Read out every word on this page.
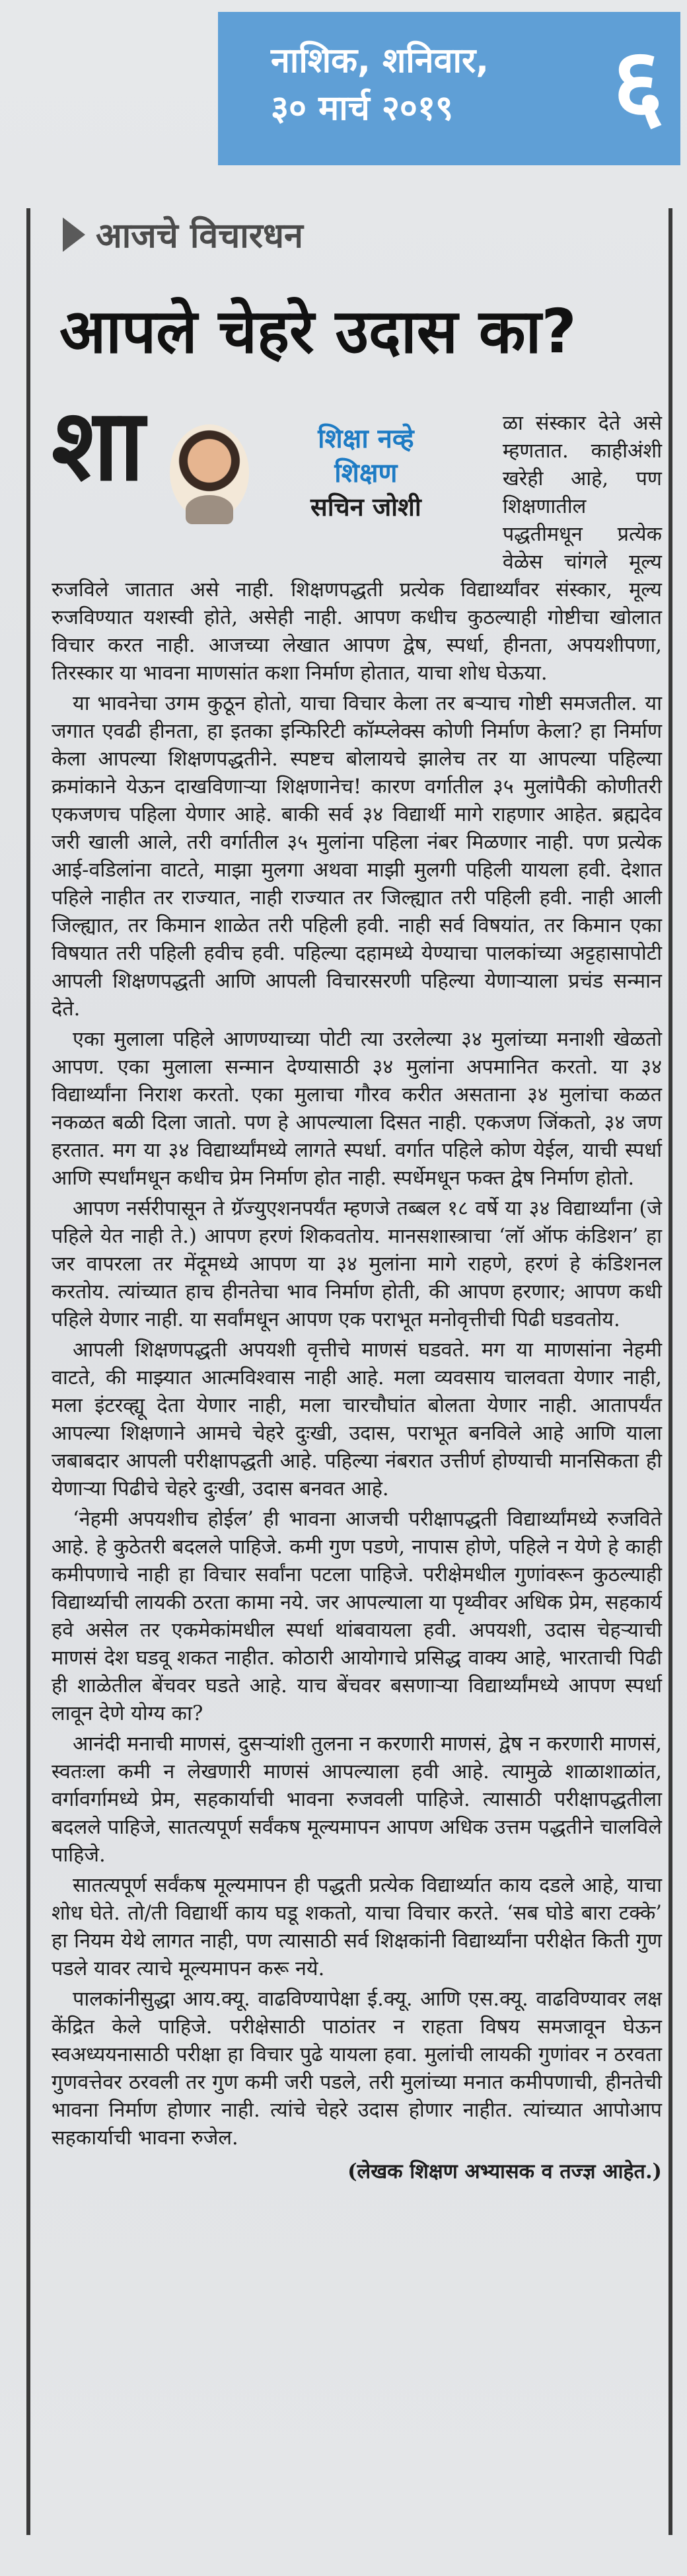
नाशिक, शनिवार,
३० मार्च २०१९	६
आजचे विचारधन
आपले चेहरे उदास का?

शा	शिक्षा नव्हे
शिक्षण
सचिन जोशी
ळा संस्कार देते असे म्हणतात. काहीअंशी खरेही आहे, पण शिक्षणातील पद्धतीमधून प्रत्येक वेळेस चांगले मूल्य रुजविले जातात असे नाही. शिक्षणपद्धती प्रत्येक विद्यार्थ्यांवर संस्कार, मूल्य रुजविण्यात यशस्वी होते, असेही नाही. आपण कधीच कुठल्याही गोष्टीचा खोलात विचार करत नाही. आजच्या लेखात आपण द्वेष, स्पर्धा, हीनता, अपयशीपणा, तिरस्कार या भावना माणसांत कशा निर्माण होतात, याचा शोध घेऊया.

या भावनेचा उगम कुठून होतो, याचा विचार केला तर बऱ्याच गोष्टी समजतील. या जगात एवढी हीनता, हा इतका इन्फिरिटी कॉम्प्लेक्स कोणी निर्माण केला? हा निर्माण केला आपल्या शिक्षणपद्धतीने. स्पष्टच बोलायचे झालेच तर या आपल्या पहिल्या क्रमांकाने येऊन दाखविणाऱ्या शिक्षणानेच! कारण वर्गातील ३५ मुलांपैकी कोणीतरी एकजणच पहिला येणार आहे. बाकी सर्व ३४ विद्यार्थी मागे राहणार आहेत. ब्रह्मदेव जरी खाली आले, तरी वर्गातील ३५ मुलांना पहिला नंबर मिळणार नाही. पण प्रत्येक आई-वडिलांना वाटते, माझा मुलगा अथवा माझी मुलगी पहिली यायला हवी. देशात पहिले नाहीत तर राज्यात, नाही राज्यात तर जिल्ह्यात तरी पहिली हवी. नाही आली जिल्ह्यात, तर किमान शाळेत तरी पहिली हवी. नाही सर्व विषयांत, तर किमान एका विषयात तरी पहिली हवीच हवी. पहिल्या दहामध्ये येण्याचा पालकांच्या अट्टहासापोटी आपली शिक्षणपद्धती आणि आपली विचारसरणी पहिल्या येणाऱ्याला प्रचंड सन्मान देते.

एका मुलाला पहिले आणण्याच्या पोटी त्या उरलेल्या ३४ मुलांच्या मनाशी खेळतो आपण. एका मुलाला सन्मान देण्यासाठी ३४ मुलांना अपमानित करतो. या ३४ विद्यार्थ्यांना निराश करतो. एका मुलाचा गौरव करीत असताना ३४ मुलांचा कळत नकळत बळी दिला जातो. पण हे आपल्याला दिसत नाही. एकजण जिंकतो, ३४ जण हरतात. मग या ३४ विद्यार्थ्यांमध्ये लागते स्पर्धा. वर्गात पहिले कोण येईल, याची स्पर्धा आणि स्पर्धांमधून कधीच प्रेम निर्माण होत नाही. स्पर्धेमधून फक्त द्वेष निर्माण होतो.

आपण नर्सरीपासून ते ग्रॅज्युएशनपर्यंत म्हणजे तब्बल १८ वर्षे या ३४ विद्यार्थ्यांना (जे पहिले येत नाही ते.) आपण हरणं शिकवतोय. मानसशास्त्राचा ‘लॉ ऑफ कंडिशन’ हा जर वापरला तर मेंदूमध्ये आपण या ३४ मुलांना मागे राहणे, हरणं हे कंडिशनल करतोय. त्यांच्यात हाच हीनतेचा भाव निर्माण होती, की आपण हरणार; आपण कधी पहिले येणार नाही. या सर्वांमधून आपण एक पराभूत मनोवृत्तीची पिढी घडवतोय.

आपली शिक्षणपद्धती अपयशी वृत्तीचे माणसं घडवते. मग या माणसांना नेहमी वाटते, की माझ्यात आत्मविश्वास नाही आहे. मला व्यवसाय चालवता येणार नाही, मला इंटरव्ह्यू देता येणार नाही, मला चारचौघांत बोलता येणार नाही. आतापर्यंत आपल्या शिक्षणाने आमचे चेहरे दुःखी, उदास, पराभूत बनविले आहे आणि याला जबाबदार आपली परीक्षापद्धती आहे. पहिल्या नंबरात उत्तीर्ण होण्याची मानसिकता ही येणाऱ्या पिढीचे चेहरे दुःखी, उदास बनवत आहे.

‘नेहमी अपयशीच होईल’ ही भावना आजची परीक्षापद्धती विद्यार्थ्यांमध्ये रुजविते आहे. हे कुठेतरी बदलले पाहिजे. कमी गुण पडणे, नापास होणे, पहिले न येणे हे काही कमीपणाचे नाही हा विचार सर्वांना पटला पाहिजे. परीक्षेमधील गुणांवरून कुठल्याही विद्यार्थ्याची लायकी ठरता कामा नये. जर आपल्याला या पृथ्वीवर अधिक प्रेम, सहकार्य हवे असेल तर एकमेकांमधील स्पर्धा थांबवायला हवी. अपयशी, उदास चेहऱ्याची माणसं देश घडवू शकत नाहीत. कोठारी आयोगाचे प्रसिद्ध वाक्य आहे, भारताची पिढी ही शाळेतील बेंचवर घडते आहे. याच बेंचवर बसणाऱ्या विद्यार्थ्यांमध्ये आपण स्पर्धा लावून देणे योग्य का?

आनंदी मनाची माणसं, दुसऱ्यांशी तुलना न करणारी माणसं, द्वेष न करणारी माणसं, स्वतःला कमी न लेखणारी माणसं आपल्याला हवी आहे. त्यामुळे शाळाशाळांत, वर्गावर्गामध्ये प्रेम, सहकार्याची भावना रुजवली पाहिजे. त्यासाठी परीक्षापद्धतीला बदलले पाहिजे, सातत्यपूर्ण सर्वंकष मूल्यमापन आपण अधिक उत्तम पद्धतीने चालविले पाहिजे.

सातत्यपूर्ण सर्वंकष मूल्यमापन ही पद्धती प्रत्येक विद्यार्थ्यात काय दडले आहे, याचा शोध घेते. तो/ती विद्यार्थी काय घडू शकतो, याचा विचार करते. ‘सब घोडे बारा टक्के’ हा नियम येथे लागत नाही, पण त्यासाठी सर्व शिक्षकांनी विद्यार्थ्यांना परीक्षेत किती गुण पडले यावर त्याचे मूल्यमापन करू नये.

पालकांनीसुद्धा आय.क्यू. वाढविण्यापेक्षा ई.क्यू. आणि एस.क्यू. वाढविण्यावर लक्ष केंद्रित केले पाहिजे. परीक्षेसाठी पाठांतर न राहता विषय समजावून घेऊन स्वअध्ययनासाठी परीक्षा हा विचार पुढे यायला हवा. मुलांची लायकी गुणांवर न ठरवता गुणवत्तेवर ठरवली तर गुण कमी जरी पडले, तरी मुलांच्या मनात कमीपणाची, हीनतेची भावना निर्माण होणार नाही. त्यांचे चेहरे उदास होणार नाहीत. त्यांच्यात आपोआप सहकार्याची भावना रुजेल.

(लेखक शिक्षण अभ्यासक व तज्ज्ञ आहेत.)
